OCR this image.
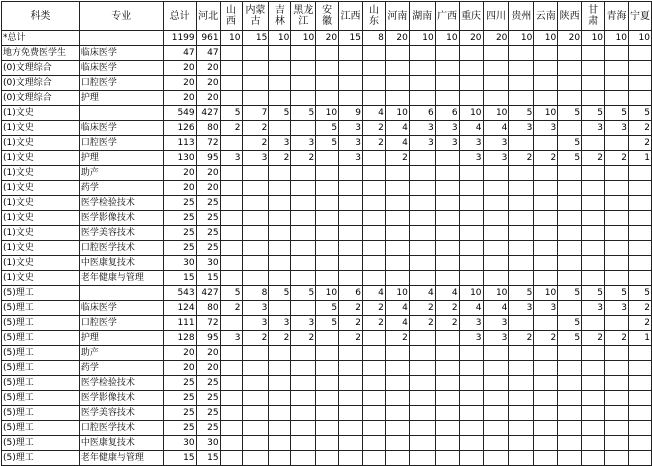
科类	专业	总计	河北	山西	内蒙古	吉林	黑龙江	安徽	江西	山东	河南	湖南	广西	重庆	四川	贵州	云南	陕西	甘肃	青海	宁夏
*总计		1199	961	10	15	10	10	20	15	8	20	10	10	20	20	10	10	20	10	10	10
地方免费医学生	临床医学	47	47																		
(0)文理综合	临床医学	20	20																		
(0)文理综合	口腔医学	20	20																		
(0)文理综合	护理	20	20																		
(1)文史		549	427	5	7	5	5	10	9	4	10	6	6	10	10	5	10	5	5	5	5
(1)文史	临床医学	126	80	2	2			5	3	2	4	3	3	4	4	3	3		3	3	2
(1)文史	口腔医学	113	72		2	3	3	5	3	2	4	3	3	3	3			5			2
(1)文史	护理	130	95	3	3	2	2		3		2			3	3	2	2	5	2	2	1
(1)文史	助产	20	20																		
(1)文史	药学	20	20																		
(1)文史	医学检验技术	25	25																		
(1)文史	医学影像技术	25	25																		
(1)文史	医学美容技术	25	25																		
(1)文史	口腔医学技术	25	25																		
(1)文史	中医康复技术	30	30																		
(1)文史	老年健康与管理	15	15																		
(5)理工		543	427	5	8	5	5	10	6	4	10	4	4	10	10	5	10	5	5	5	5
(5)理工	临床医学	124	80	2	3			5	2	2	4	2	2	4	4	3	3		3	3	2
(5)理工	口腔医学	111	72		3	3	3	5	2	2	4	2	2	3	3			5			2
(5)理工	护理	128	95	3	2	2	2		2		2			3	3	2	2	5	2	2	1
(5)理工	助产	20	20																		
(5)理工	药学	20	20																		
(5)理工	医学检验技术	25	25																		
(5)理工	医学影像技术	25	25																		
(5)理工	医学美容技术	25	25																		
(5)理工	口腔医学技术	25	25																		
(5)理工	中医康复技术	30	30																		
(5)理工	老年健康与管理	15	15																		
